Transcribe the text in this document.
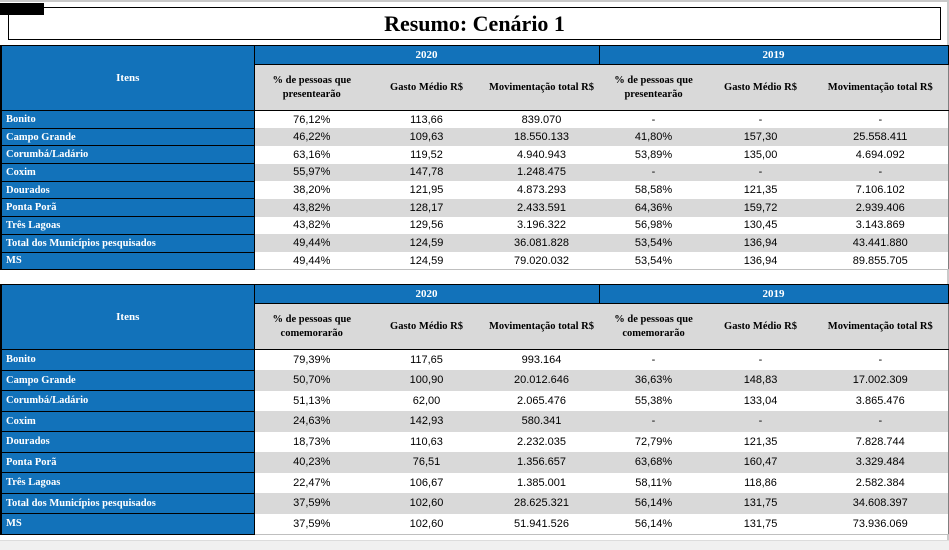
Resumo: Cenário 1
Itens	2020			2019		
	% de pessoas que presentearão	Gasto Médio R$	Movimentação total R$	% de pessoas que presentearão	Gasto Médio R$	Movimentação total R$
Bonito	76,12%	113,66	839.070	-	-	-
Campo Grande	46,22%	109,63	18.550.133	41,80%	157,30	25.558.411
Corumbá/Ladário	63,16%	119,52	4.940.943	53,89%	135,00	4.694.092
Coxim	55,97%	147,78	1.248.475	-	-	-
Dourados	38,20%	121,95	4.873.293	58,58%	121,35	7.106.102
Ponta Porã	43,82%	128,17	2.433.591	64,36%	159,72	2.939.406
Três Lagoas	43,82%	129,56	3.196.322	56,98%	130,45	3.143.869
Total dos Municípios pesquisados	49,44%	124,59	36.081.828	53,54%	136,94	43.441.880
MS	49,44%	124,59	79.020.032	53,54%	136,94	89.855.705
Itens	2020			2019		
	% de pessoas que comemorarão	Gasto Médio R$	Movimentação total R$	% de pessoas que comemorarão	Gasto Médio R$	Movimentação total R$
Bonito	79,39%	117,65	993.164	-	-	-
Campo Grande	50,70%	100,90	20.012.646	36,63%	148,83	17.002.309
Corumbá/Ladário	51,13%	62,00	2.065.476	55,38%	133,04	3.865.476
Coxim	24,63%	142,93	580.341	-	-	-
Dourados	18,73%	110,63	2.232.035	72,79%	121,35	7.828.744
Ponta Porã	40,23%	76,51	1.356.657	63,68%	160,47	3.329.484
Três Lagoas	22,47%	106,67	1.385.001	58,11%	118,86	2.582.384
Total dos Municípios pesquisados	37,59%	102,60	28.625.321	56,14%	131,75	34.608.397
MS	37,59%	102,60	51.941.526	56,14%	131,75	73.936.069
